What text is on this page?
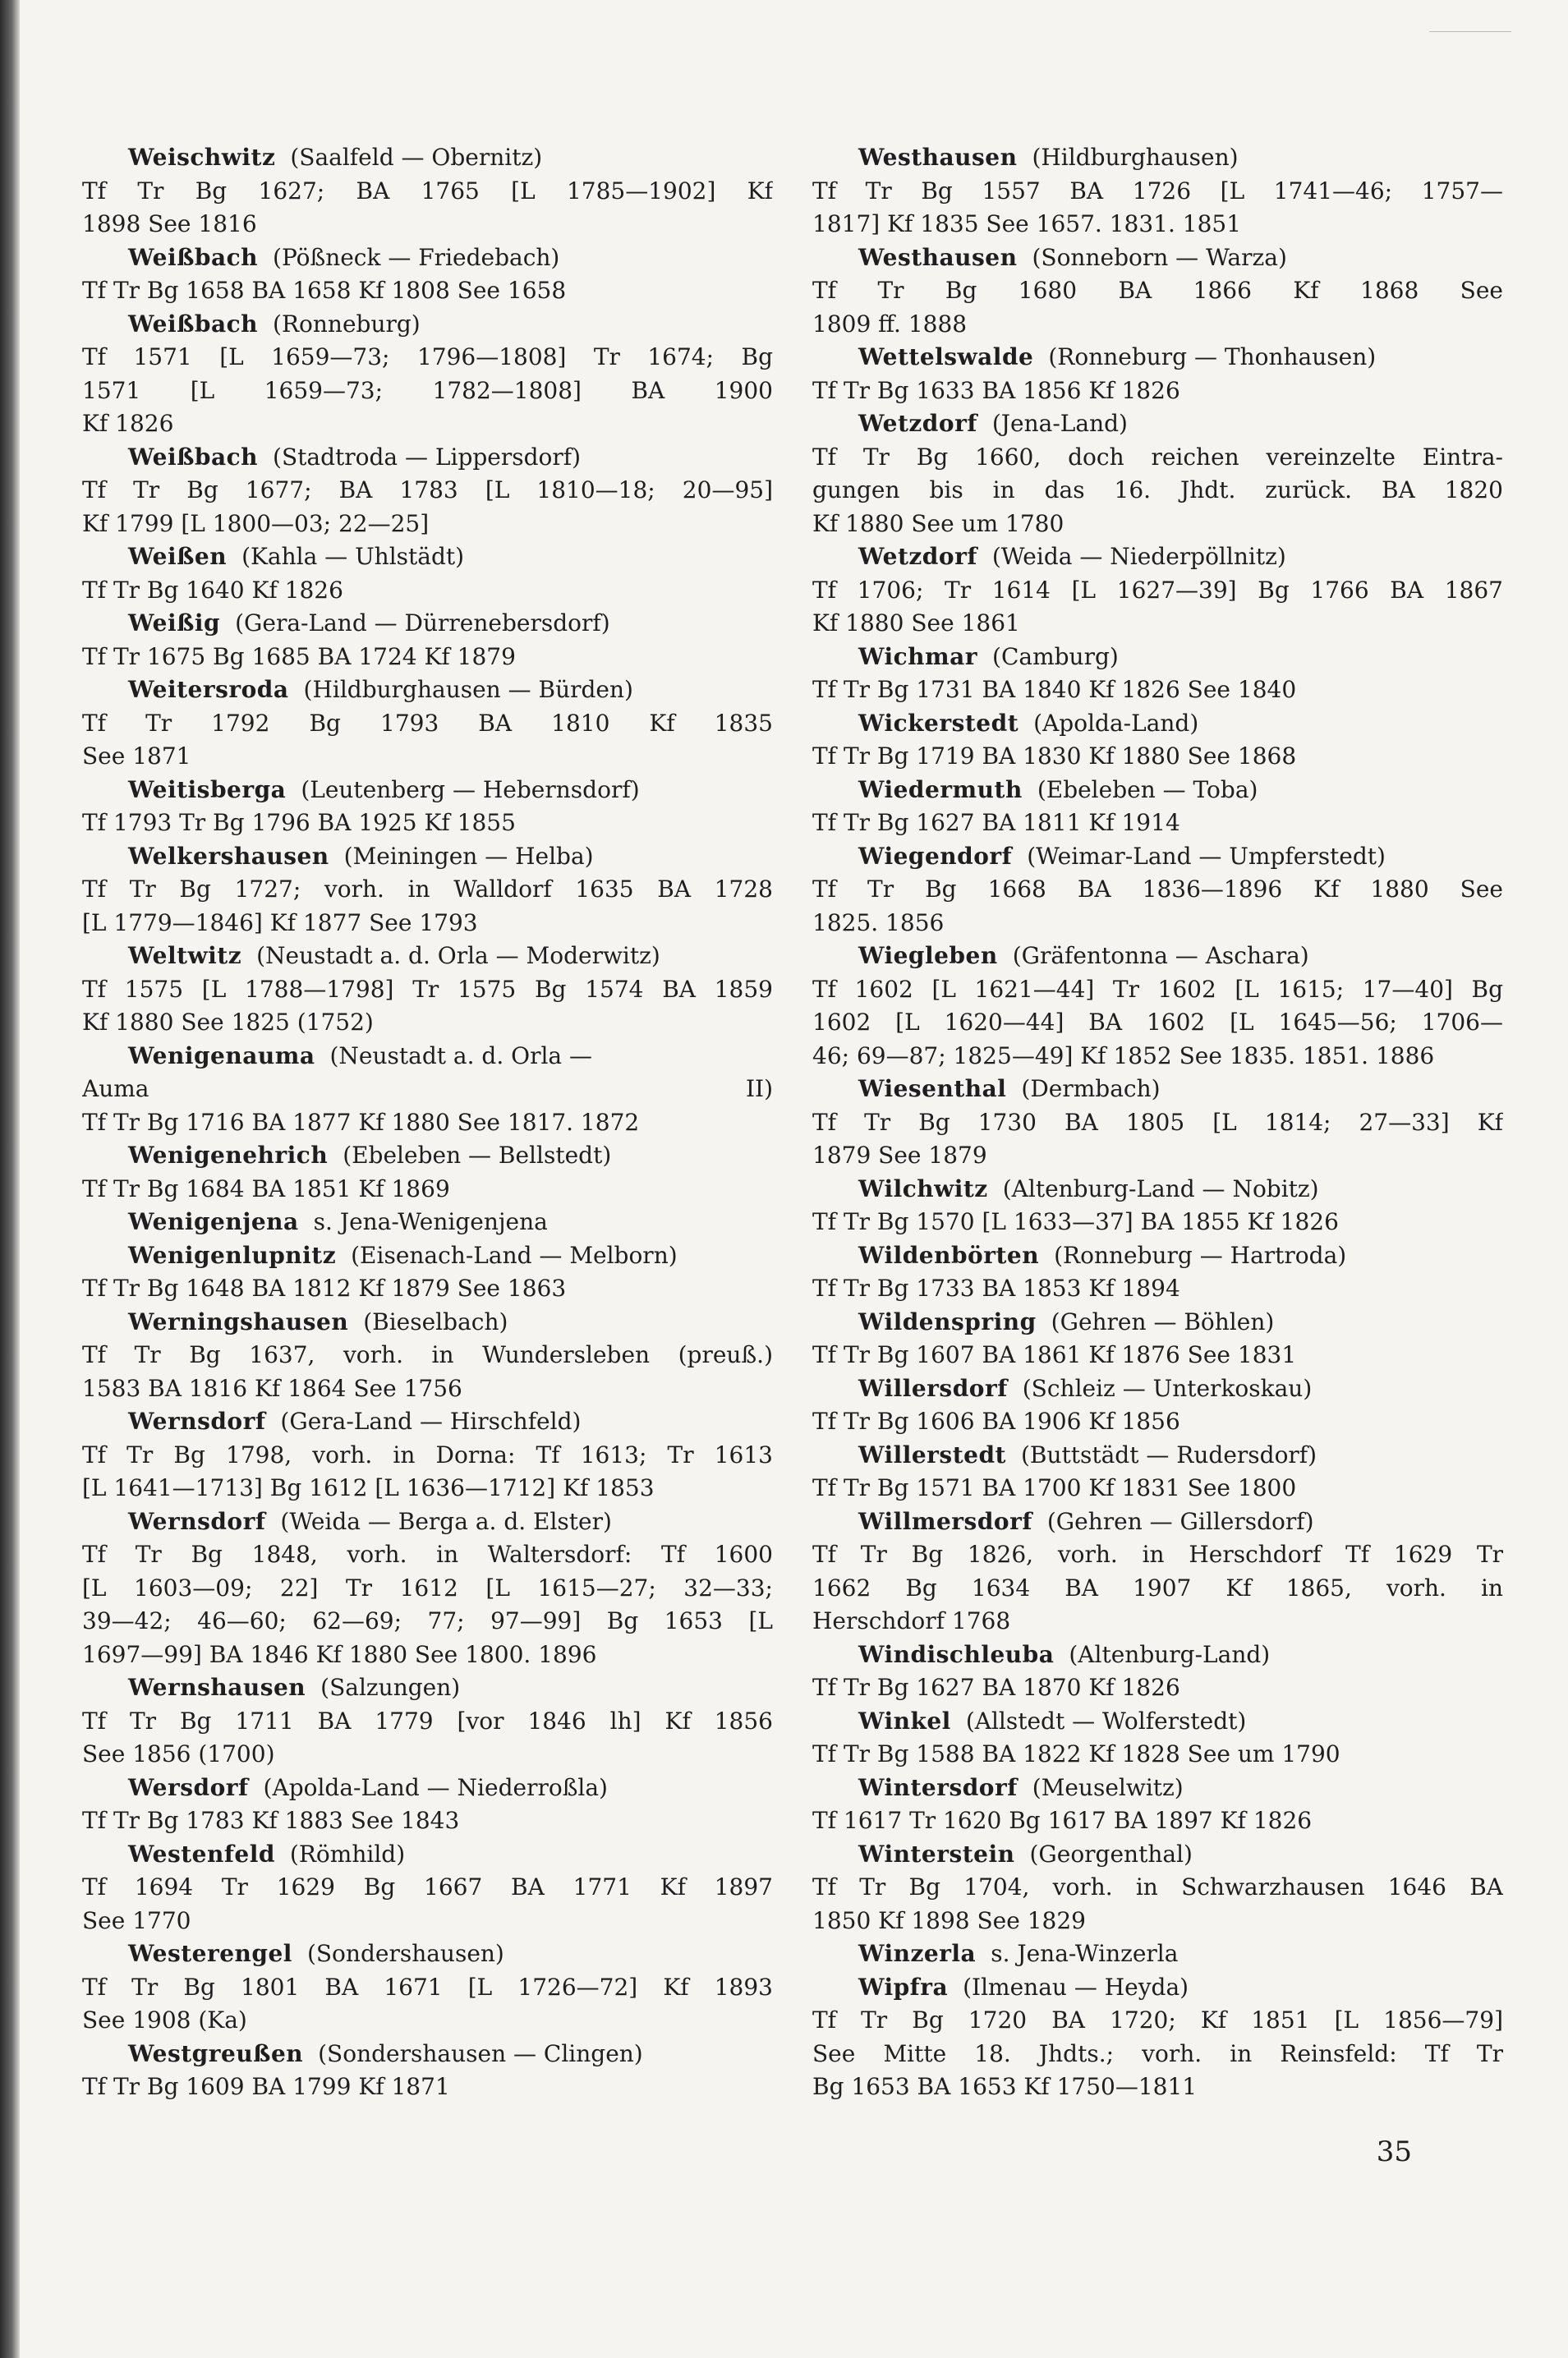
Weischwitz (Saalfeld — Obernitz)
Tf Tr Bg 1627; BA 1765 [L 1785—1902] Kf
1898 See 1816
Weißbach (Pößneck — Friedebach)
Tf Tr Bg 1658 BA 1658 Kf 1808 See 1658
Weißbach (Ronneburg)
Tf 1571 [L 1659—73; 1796—1808] Tr 1674; Bg
1571 [L 1659—73; 1782—1808] BA 1900
Kf 1826
Weißbach (Stadtroda — Lippersdorf)
Tf Tr Bg 1677; BA 1783 [L 1810—18; 20—95]
Kf 1799 [L 1800—03; 22—25]
Weißen (Kahla — Uhlstädt)
Tf Tr Bg 1640 Kf 1826
Weißig (Gera-Land — Dürrenebersdorf)
Tf Tr 1675 Bg 1685 BA 1724 Kf 1879
Weitersroda (Hildburghausen — Bürden)
Tf Tr 1792 Bg 1793 BA 1810 Kf 1835
See 1871
Weitisberga (Leutenberg — Hebernsdorf)
Tf 1793 Tr Bg 1796 BA 1925 Kf 1855
Welkershausen (Meiningen — Helba)
Tf Tr Bg 1727; vorh. in Walldorf 1635 BA 1728
[L 1779—1846] Kf 1877 See 1793
Weltwitz (Neustadt a. d. Orla — Moderwitz)
Tf 1575 [L 1788—1798] Tr 1575 Bg 1574 BA 1859
Kf 1880 See 1825 (1752)
Wenigenauma (Neustadt a. d. Orla —
Auma II)
Tf Tr Bg 1716 BA 1877 Kf 1880 See 1817. 1872
Wenigenehrich (Ebeleben — Bellstedt)
Tf Tr Bg 1684 BA 1851 Kf 1869
Wenigenjena s. Jena-Wenigenjena
Wenigenlupnitz (Eisenach-Land — Melborn)
Tf Tr Bg 1648 BA 1812 Kf 1879 See 1863
Werningshausen (Bieselbach)
Tf Tr Bg 1637, vorh. in Wundersleben (preuß.)
1583 BA 1816 Kf 1864 See 1756
Wernsdorf (Gera-Land — Hirschfeld)
Tf Tr Bg 1798, vorh. in Dorna: Tf 1613; Tr 1613
[L 1641—1713] Bg 1612 [L 1636—1712] Kf 1853
Wernsdorf (Weida — Berga a. d. Elster)
Tf Tr Bg 1848, vorh. in Waltersdorf: Tf 1600
[L 1603—09; 22] Tr 1612 [L 1615—27; 32—33;
39—42; 46—60; 62—69; 77; 97—99] Bg 1653 [L
1697—99] BA 1846 Kf 1880 See 1800. 1896
Wernshausen (Salzungen)
Tf Tr Bg 1711 BA 1779 [vor 1846 lh] Kf 1856
See 1856 (1700)
Wersdorf (Apolda-Land — Niederroßla)
Tf Tr Bg 1783 Kf 1883 See 1843
Westenfeld (Römhild)
Tf 1694 Tr 1629 Bg 1667 BA 1771 Kf 1897
See 1770
Westerengel (Sondershausen)
Tf Tr Bg 1801 BA 1671 [L 1726—72] Kf 1893
See 1908 (Ka)
Westgreußen (Sondershausen — Clingen)
Tf Tr Bg 1609 BA 1799 Kf 1871
Westhausen (Hildburghausen)
Tf Tr Bg 1557 BA 1726 [L 1741—46; 1757—
1817] Kf 1835 See 1657. 1831. 1851
Westhausen (Sonneborn — Warza)
Tf Tr Bg 1680 BA 1866 Kf 1868 See
1809 ff. 1888
Wettelswalde (Ronneburg — Thonhausen)
Tf Tr Bg 1633 BA 1856 Kf 1826
Wetzdorf (Jena-Land)
Tf Tr Bg 1660, doch reichen vereinzelte Eintra-
gungen bis in das 16. Jhdt. zurück. BA 1820
Kf 1880 See um 1780
Wetzdorf (Weida — Niederpöllnitz)
Tf 1706; Tr 1614 [L 1627—39] Bg 1766 BA 1867
Kf 1880 See 1861
Wichmar (Camburg)
Tf Tr Bg 1731 BA 1840 Kf 1826 See 1840
Wickerstedt (Apolda-Land)
Tf Tr Bg 1719 BA 1830 Kf 1880 See 1868
Wiedermuth (Ebeleben — Toba)
Tf Tr Bg 1627 BA 1811 Kf 1914
Wiegendorf (Weimar-Land — Umpferstedt)
Tf Tr Bg 1668 BA 1836—1896 Kf 1880 See
1825. 1856
Wiegleben (Gräfentonna — Aschara)
Tf 1602 [L 1621—44] Tr 1602 [L 1615; 17—40] Bg
1602 [L 1620—44] BA 1602 [L 1645—56; 1706—
46; 69—87; 1825—49] Kf 1852 See 1835. 1851. 1886
Wiesenthal (Dermbach)
Tf Tr Bg 1730 BA 1805 [L 1814; 27—33] Kf
1879 See 1879
Wilchwitz (Altenburg-Land — Nobitz)
Tf Tr Bg 1570 [L 1633—37] BA 1855 Kf 1826
Wildenbörten (Ronneburg — Hartroda)
Tf Tr Bg 1733 BA 1853 Kf 1894
Wildenspring (Gehren — Böhlen)
Tf Tr Bg 1607 BA 1861 Kf 1876 See 1831
Willersdorf (Schleiz — Unterkoskau)
Tf Tr Bg 1606 BA 1906 Kf 1856
Willerstedt (Buttstädt — Rudersdorf)
Tf Tr Bg 1571 BA 1700 Kf 1831 See 1800
Willmersdorf (Gehren — Gillersdorf)
Tf Tr Bg 1826, vorh. in Herschdorf Tf 1629 Tr
1662 Bg 1634 BA 1907 Kf 1865, vorh. in
Herschdorf 1768
Windischleuba (Altenburg-Land)
Tf Tr Bg 1627 BA 1870 Kf 1826
Winkel (Allstedt — Wolferstedt)
Tf Tr Bg 1588 BA 1822 Kf 1828 See um 1790
Wintersdorf (Meuselwitz)
Tf 1617 Tr 1620 Bg 1617 BA 1897 Kf 1826
Winterstein (Georgenthal)
Tf Tr Bg 1704, vorh. in Schwarzhausen 1646 BA
1850 Kf 1898 See 1829
Winzerla s. Jena-Winzerla
Wipfra (Ilmenau — Heyda)
Tf Tr Bg 1720 BA 1720; Kf 1851 [L 1856—79]
See Mitte 18. Jhdts.; vorh. in Reinsfeld: Tf Tr
Bg 1653 BA 1653 Kf 1750—1811
35
